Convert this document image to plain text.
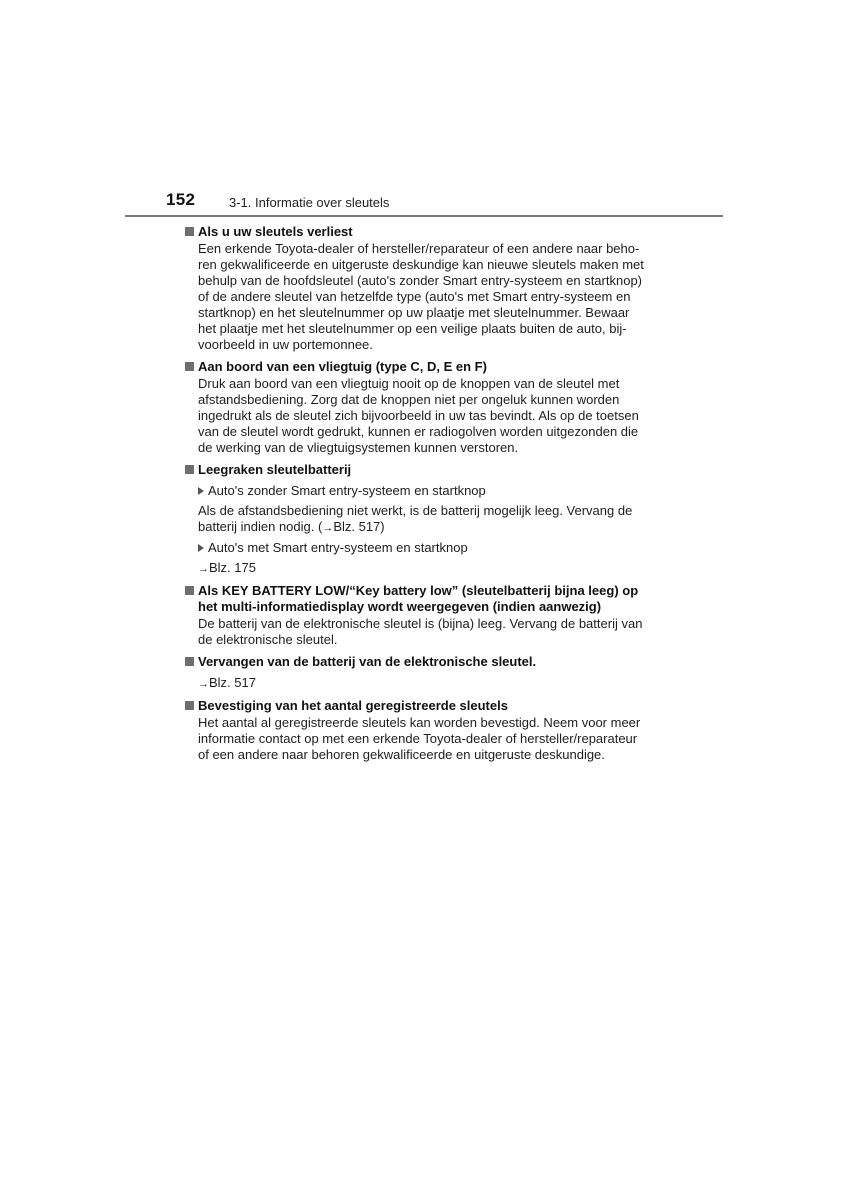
152	3-1. Informatie over sleutels
Als u uw sleutels verliest
Een erkende Toyota-dealer of hersteller/reparateur of een andere naar beho-
ren gekwalificeerde en uitgeruste deskundige kan nieuwe sleutels maken met
behulp van de hoofdsleutel (auto's zonder Smart entry-systeem en startknop)
of de andere sleutel van hetzelfde type (auto's met Smart entry-systeem en
startknop) en het sleutelnummer op uw plaatje met sleutelnummer. Bewaar
het plaatje met het sleutelnummer op een veilige plaats buiten de auto, bij-
voorbeeld in uw portemonnee.
Aan boord van een vliegtuig (type C, D, E en F)
Druk aan boord van een vliegtuig nooit op de knoppen van de sleutel met
afstandsbediening. Zorg dat de knoppen niet per ongeluk kunnen worden
ingedrukt als de sleutel zich bijvoorbeeld in uw tas bevindt. Als op de toetsen
van de sleutel wordt gedrukt, kunnen er radiogolven worden uitgezonden die
de werking van de vliegtuigsystemen kunnen verstoren.
Leegraken sleutelbatterij
Auto's zonder Smart entry-systeem en startknop
Als de afstandsbediening niet werkt, is de batterij mogelijk leeg. Vervang de
batterij indien nodig. (→Blz. 517)
Auto's met Smart entry-systeem en startknop
→Blz. 175
Als KEY BATTERY LOW/“Key battery low” (sleutelbatterij bijna leeg) op
het multi-informatiedisplay wordt weergegeven (indien aanwezig)
De batterij van de elektronische sleutel is (bijna) leeg. Vervang de batterij van
de elektronische sleutel.
Vervangen van de batterij van de elektronische sleutel.
→Blz. 517
Bevestiging van het aantal geregistreerde sleutels
Het aantal al geregistreerde sleutels kan worden bevestigd. Neem voor meer
informatie contact op met een erkende Toyota-dealer of hersteller/reparateur
of een andere naar behoren gekwalificeerde en uitgeruste deskundige.
